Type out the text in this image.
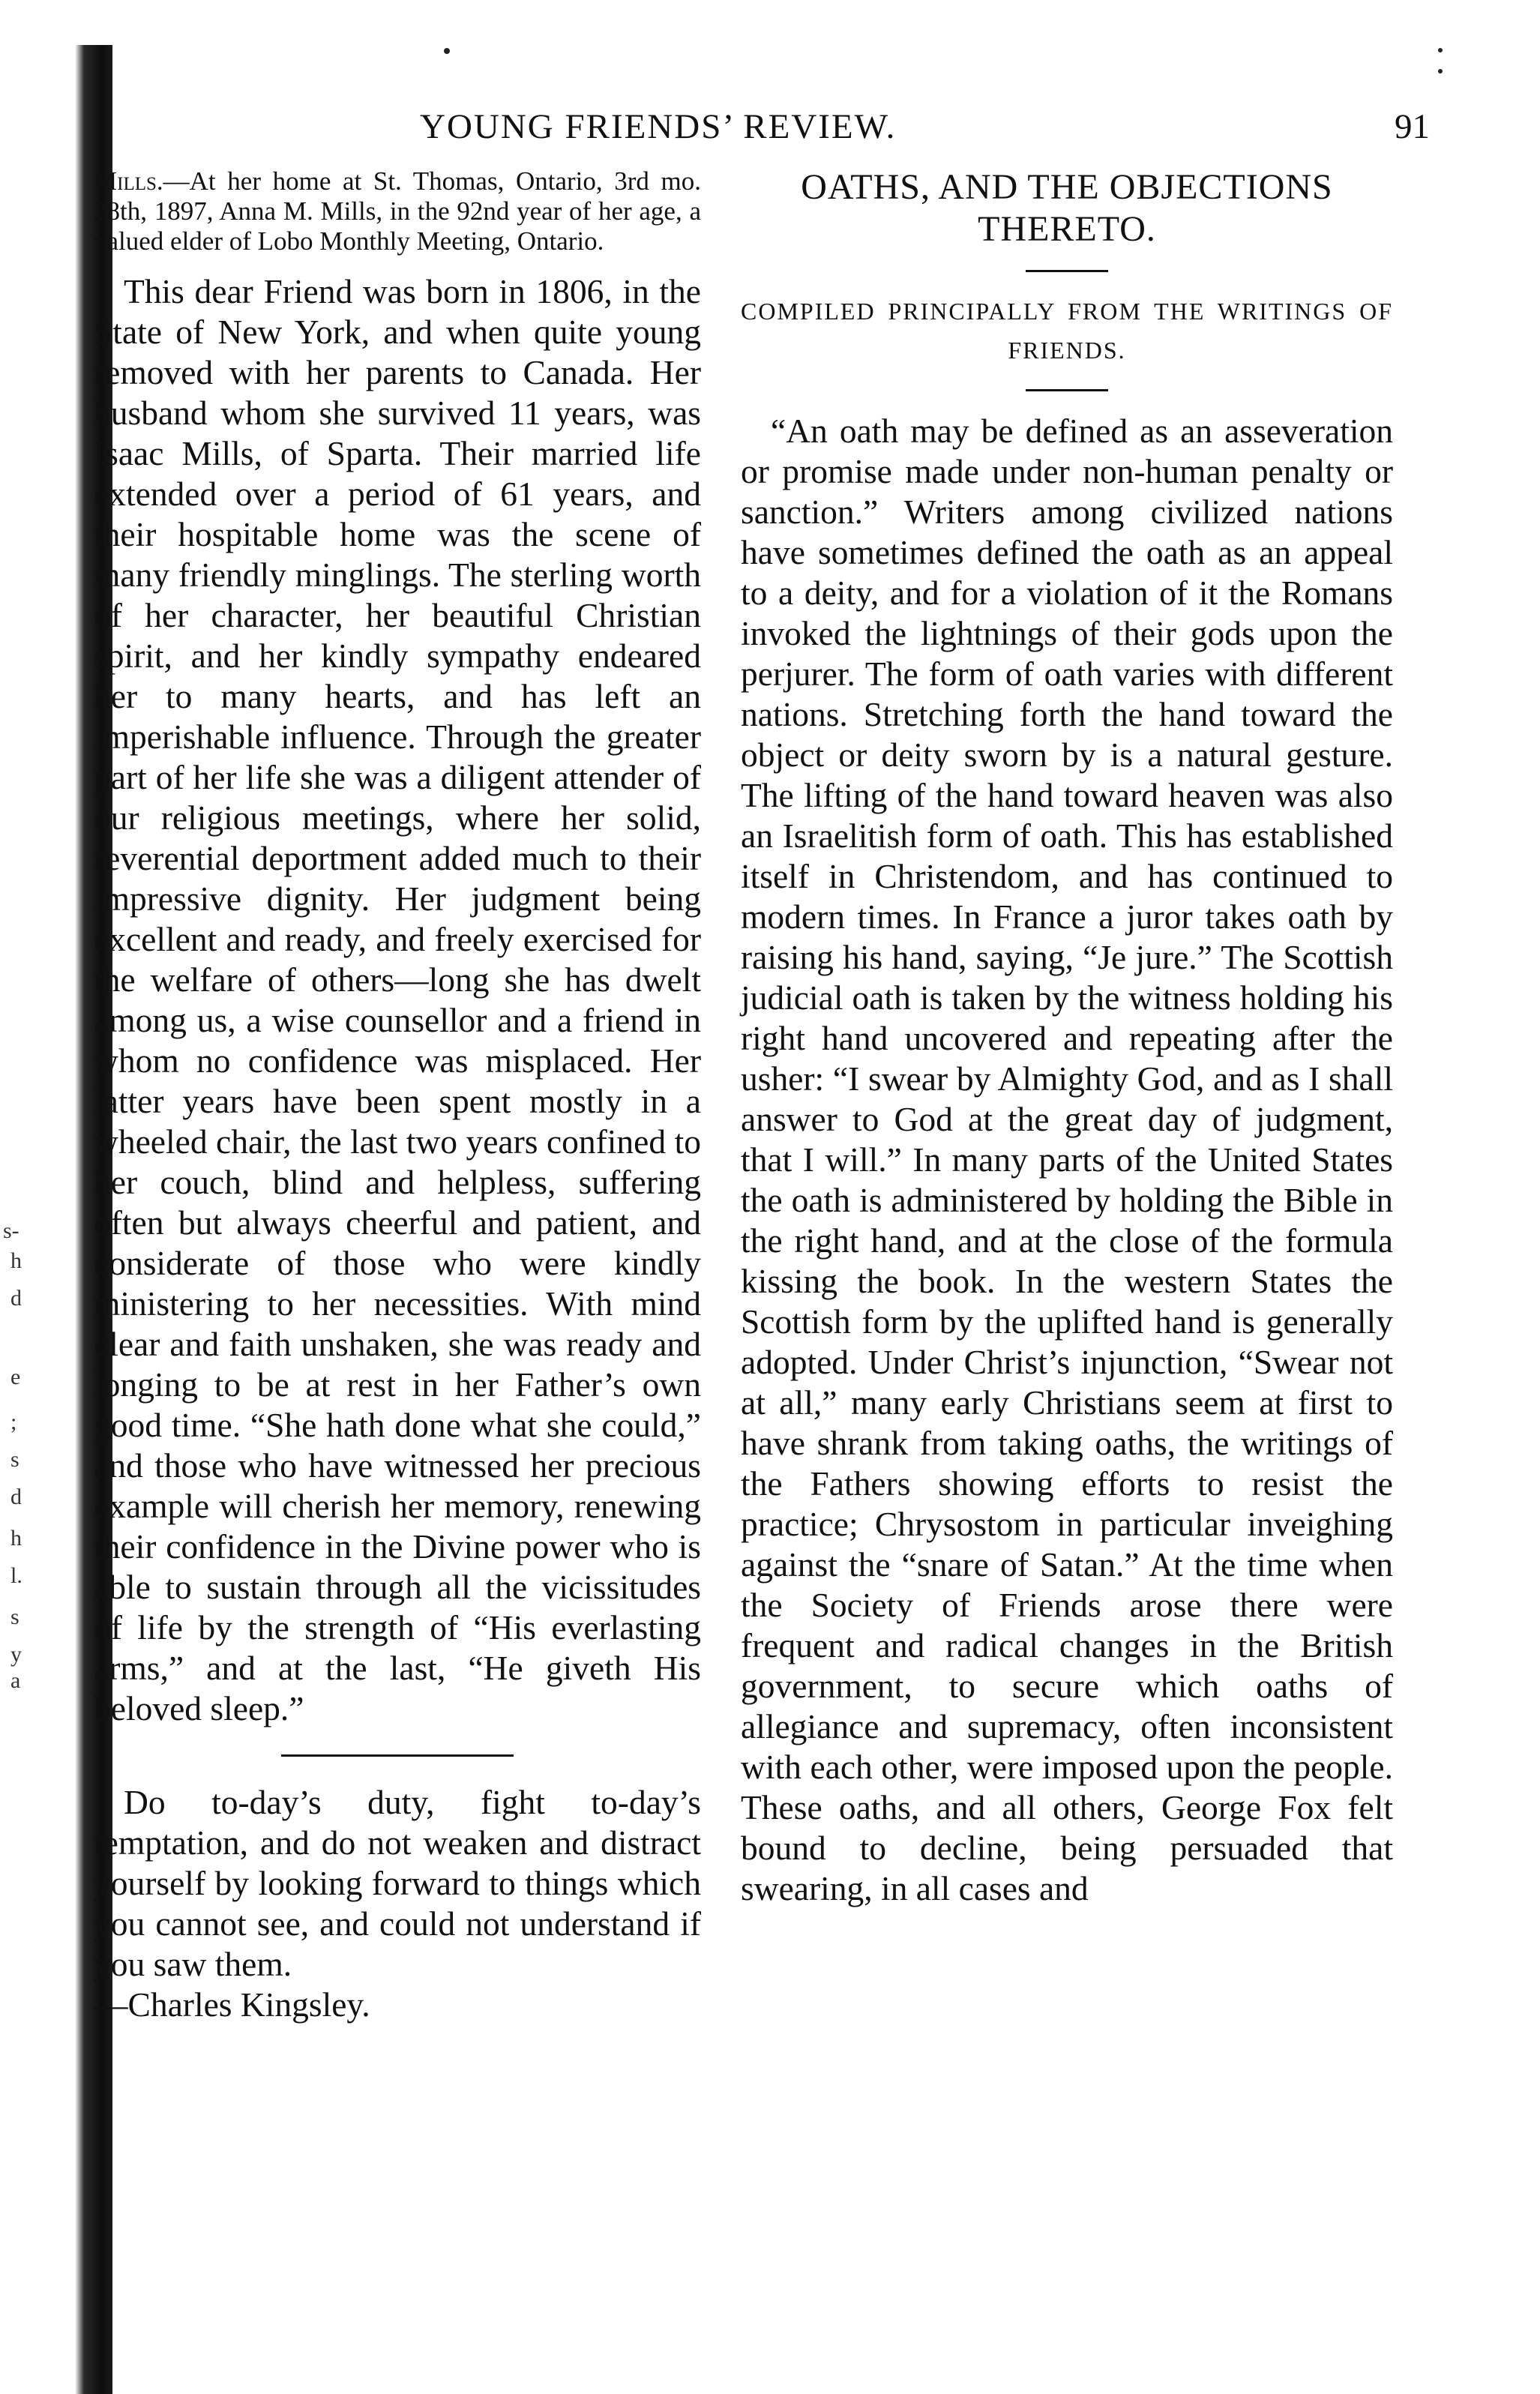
s-
h
d
e
;
s
d
h
l.
s
y
a
YOUNG FRIENDS’ REVIEW.	91

Mills.—At her home at St. Thomas, Ontario, 3rd mo. 28th, 1897, Anna M. Mills, in the 92nd year of her age, a valued elder of Lobo Monthly Meeting, Ontario.

This dear Friend was born in 1806, in the State of New York, and when quite young removed with her parents to Canada. Her husband whom she survived 11 years, was Isaac Mills, of Sparta. Their married life extended over a period of 61 years, and their hospitable home was the scene of many friendly minglings. The sterling worth of her character, her beautiful Christian spirit, and her kindly sympathy endeared her to many hearts, and has left an imperishable influence. Through the greater part of her life she was a diligent attender of our religious meetings, where her solid, reverential deportment added much to their impressive dignity. Her judgment being excellent and ready, and freely exercised for the welfare of others—long she has dwelt among us, a wise counsellor and a friend in whom no confidence was misplaced. Her latter years have been spent mostly in a wheeled chair, the last two years confined to her couch, blind and helpless, suffering often but always cheerful and patient, and considerate of those who were kindly ministering to her necessities. With mind clear and faith unshaken, she was ready and longing to be at rest in her Father’s own good time. “She hath done what she could,” and those who have witnessed her precious example will cherish her memory, renewing their confidence in the Divine power who is able to sustain through all the vicissitudes of life by the strength of “His everlasting arms,” and at the last, “He giveth His beloved sleep.”

Do to-day’s duty, fight to-day’s temptation, and do not weaken and distract yourself by looking forward to things which you cannot see, and could not understand if you saw them.

—Charles Kingsley.

OATHS, AND THE OBJECTIONS THERETO.

COMPILED PRINCIPALLY FROM THE WRITINGS OF FRIENDS.

“An oath may be defined as an asseveration or promise made under non-human penalty or sanction.” Writers among civilized nations have sometimes defined the oath as an appeal to a deity, and for a violation of it the Romans invoked the lightnings of their gods upon the perjurer. The form of oath varies with different nations. Stretching forth the hand toward the object or deity sworn by is a natural gesture. The lifting of the hand toward heaven was also an Israelitish form of oath. This has established itself in Christendom, and has continued to modern times. In France a juror takes oath by raising his hand, saying, “Je jure.” The Scottish judicial oath is taken by the witness holding his right hand uncovered and repeating after the usher: “I swear by Almighty God, and as I shall answer to God at the great day of judgment, that I will.” In many parts of the United States the oath is administered by holding the Bible in the right hand, and at the close of the formula kissing the book. In the western States the Scottish form by the uplifted hand is generally adopted. Under Christ’s injunction, “Swear not at all,” many early Christians seem at first to have shrank from taking oaths, the writings of the Fathers showing efforts to resist the practice; Chrysostom in particular inveighing against the “snare of Satan.” At the time when the Society of Friends arose there were frequent and radical changes in the British government, to secure which oaths of allegiance and supremacy, often inconsistent with each other, were imposed upon the people. These oaths, and all others, George Fox felt bound to decline, being persuaded that swearing, in all cases and
